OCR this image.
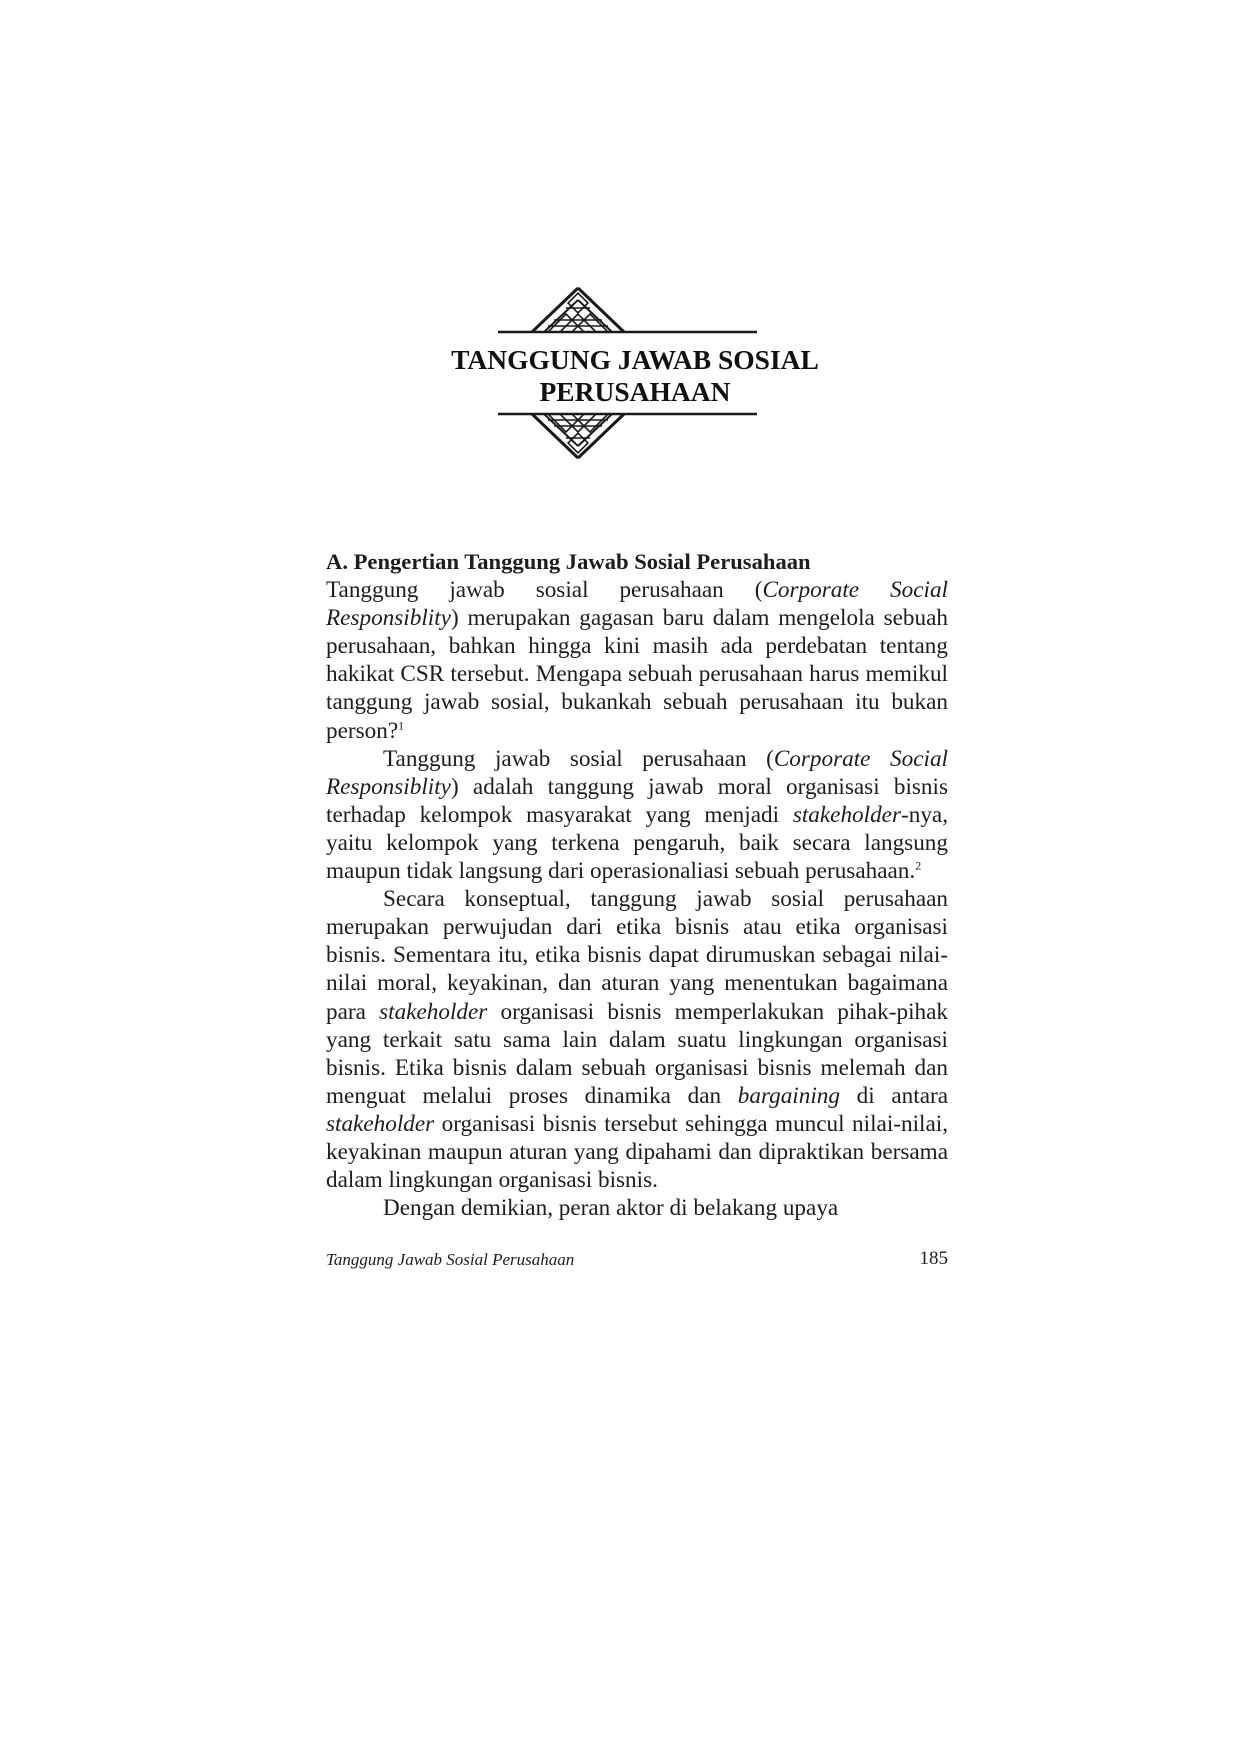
TANGGUNG JAWAB SOSIAL
PERUSAHAAN
A. Pengertian Tanggung Jawab Sosial Perusahaan

Tanggung jawab sosial perusahaan (Corporate Social Responsiblity) merupakan gagasan baru dalam mengelola sebuah perusahaan, bahkan hingga kini masih ada perdebatan tentang hakikat CSR tersebut. Mengapa sebuah perusahaan harus memikul tanggung jawab sosial, bukankah sebuah perusahaan itu bukan person?$^1$

Tanggung jawab sosial perusahaan (Corporate Social Responsiblity) adalah tanggung jawab moral organisasi bisnis terhadap kelompok masyarakat yang menjadi stakeholder-nya, yaitu kelompok yang terkena pengaruh, baik secara langsung maupun tidak langsung dari operasionaliasi sebuah perusahaan.$^2$

Secara konseptual, tanggung jawab sosial perusahaan merupakan perwujudan dari etika bisnis atau etika organisasi bisnis. Sementara itu, etika bisnis dapat dirumuskan sebagai nilai-nilai moral, keyakinan, dan aturan yang menentukan bagaimana para stakeholder organisasi bisnis memperlakukan pihak-pihak yang terkait satu sama lain dalam suatu lingkungan organisasi bisnis. Etika bisnis dalam sebuah organisasi bisnis melemah dan menguat melalui proses dinamika dan bargaining di antara stakeholder organisasi bisnis tersebut sehingga muncul nilai-nilai, keyakinan maupun aturan yang dipahami dan dipraktikan bersama dalam lingkungan organisasi bisnis.

Dengan demikian, peran aktor di belakang upaya

Tanggung Jawab Sosial Perusahaan	185
